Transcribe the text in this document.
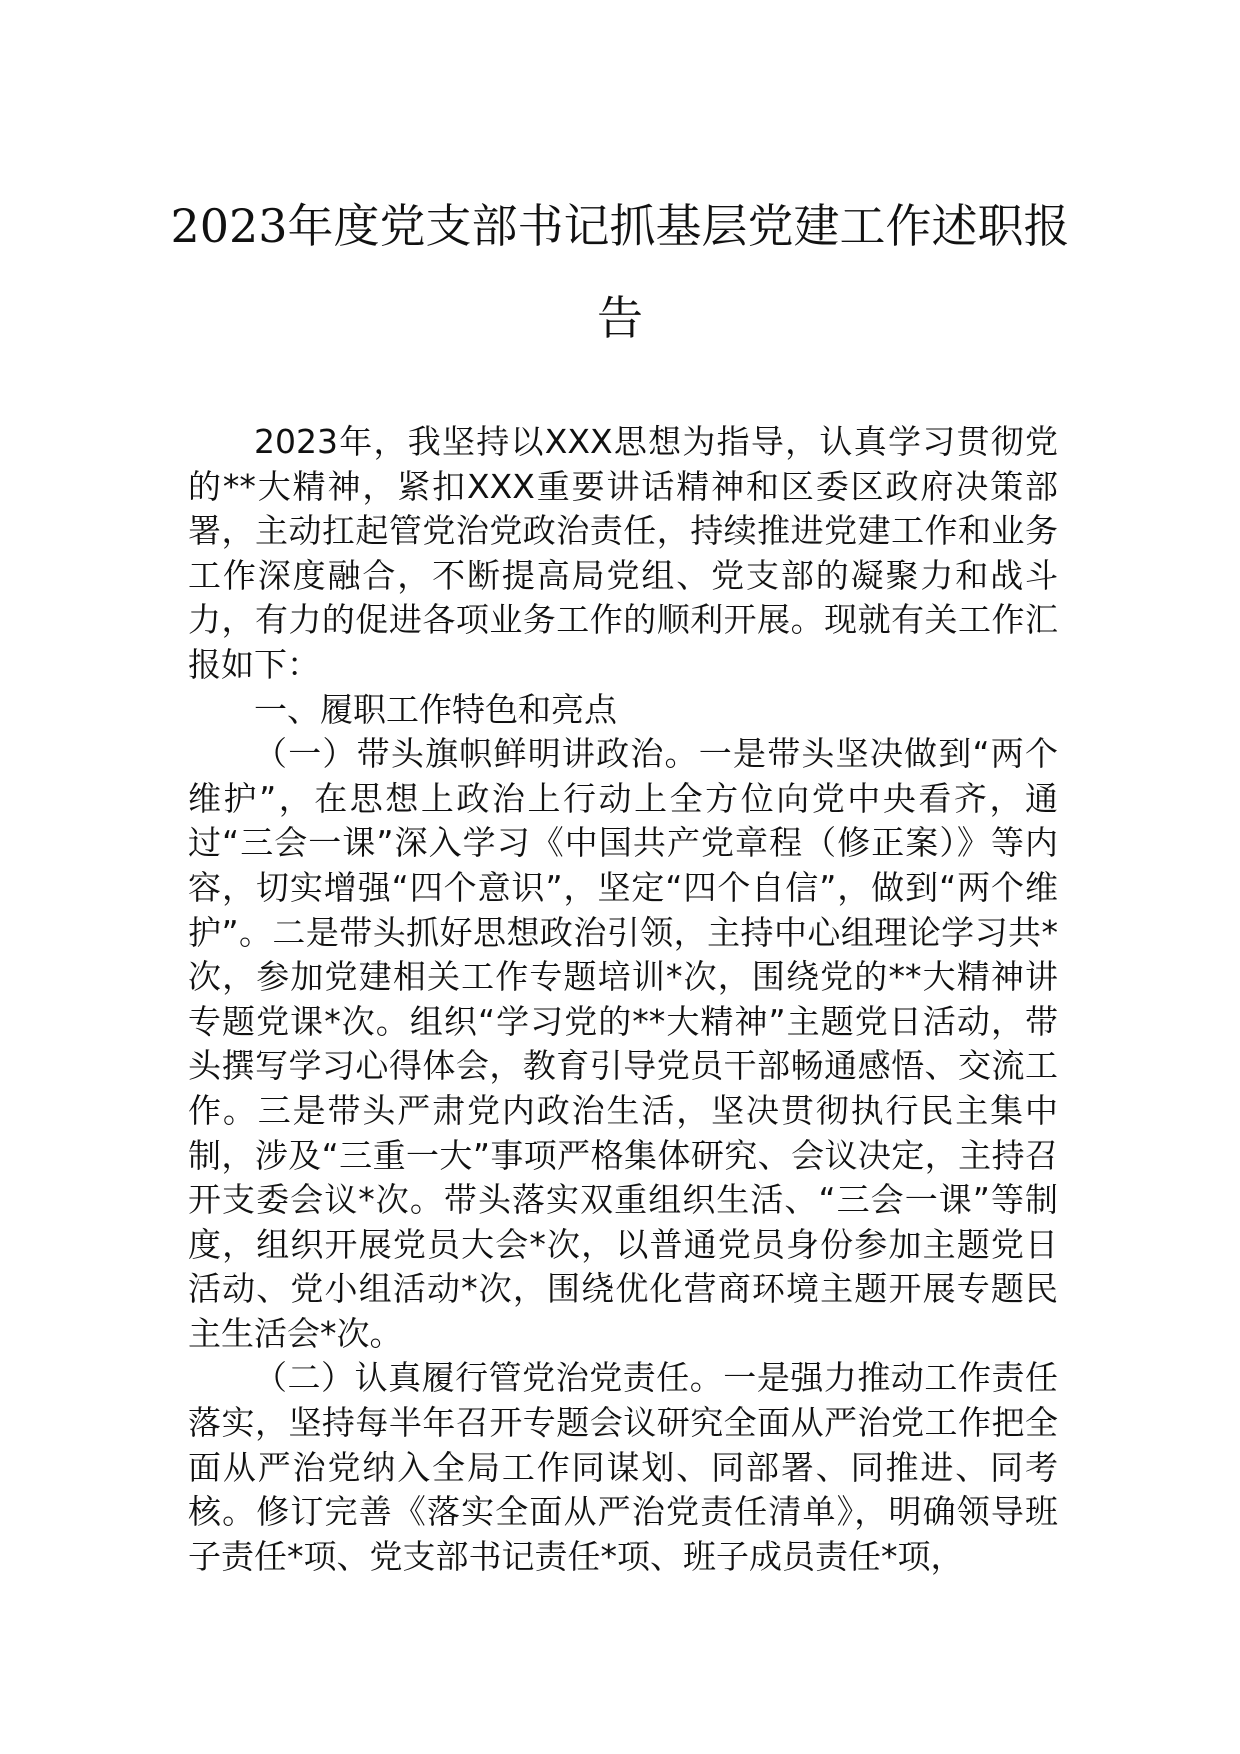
2023年度党支部书记抓基层党建工作述职报告

2023年，我坚持以XXX思想为指导，认真学习贯彻党的**大精神，紧扣XXX重要讲话精神和区委区政府决策部署，主动扛起管党治党政治责任，持续推进党建工作和业务工作深度融合，不断提高局党组、党支部的凝聚力和战斗力，有力的促进各项业务工作的顺利开展。现就有关工作汇报如下：

一、履职工作特色和亮点

（一）带头旗帜鲜明讲政治。一是带头坚决做到“两个维护”，在思想上政治上行动上全方位向党中央看齐，通过“三会一课”深入学习《中国共产党章程（修正案）》等内容，切实增强“四个意识”，坚定“四个自信”，做到“两个维护”。二是带头抓好思想政治引领，主持中心组理论学习共*次，参加党建相关工作专题培训*次，围绕党的**大精神讲专题党课*次。组织“学习党的**大精神”主题党日活动，带头撰写学习心得体会，教育引导党员干部畅通感悟、交流工作。三是带头严肃党内政治生活，坚决贯彻执行民主集中制，涉及“三重一大”事项严格集体研究、会议决定，主持召开支委会议*次。带头落实双重组织生活、“三会一课”等制度，组织开展党员大会*次，以普通党员身份参加主题党日活动、党小组活动*次，围绕优化营商环境主题开展专题民主生活会*次。

（二）认真履行管党治党责任。一是强力推动工作责任落实，坚持每半年召开专题会议研究全面从严治党工作把全面从严治党纳入全局工作同谋划、同部署、同推进、同考核。修订完善《落实全面从严治党责任清单》，明确领导班子责任*项、党支部书记责任*项、班子成员责任*项，
